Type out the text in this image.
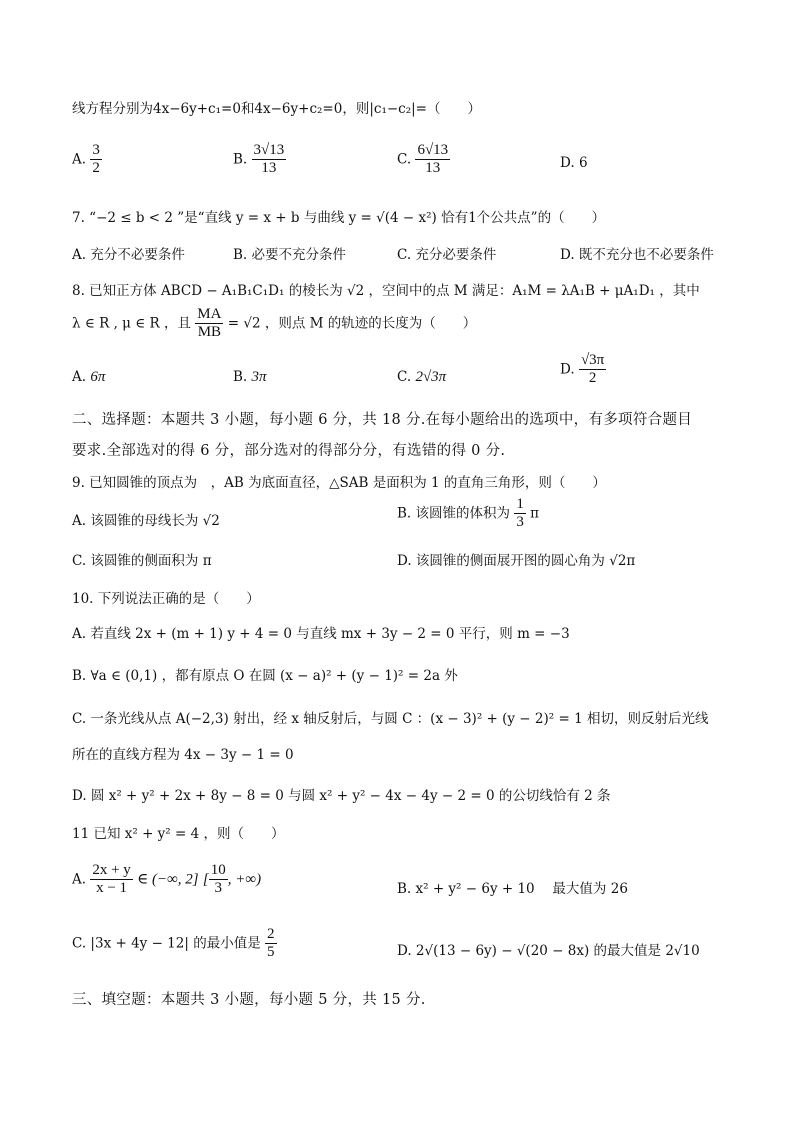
线方程分别为4x−6y+c₁=0和4x−6y+c₂=0，则|c₁−c₂|=（　　）
A. $\frac{3}{2}$	B. $\frac{3√13}{13}$	C. $\frac{6√13}{13}$	D. 6
7. “−2 ≤ b < 2 ”是“直线 y = x + b 与曲线 y = √(4 − x²) 恰有1个公共点”的（　　）
A. 充分不必要条件	B. 必要不充分条件	C. 充分必要条件	D. 既不充分也不必要条件
8. 已知正方体 ABCD − A₁B₁C₁D₁ 的棱长为 √2 ，空间中的点 M 满足：A₁M = λA₁B + μA₁D₁ ，其中
λ ∈ R , μ ∈ R ，且 $\frac{MA}{MB} = √2$ ，则点 M 的轨迹的长度为（　　）
A. 6π	B. 3π	C. 2√3π	D. $\frac{√3\pi}{2}$
二、选择题：本题共 3 小题，每小题 6 分，共 18 分.在每小题给出的选项中，有多项符合题目
要求.全部选对的得 6 分，部分选对的得部分分，有选错的得 0 分.
9. 已知圆锥的顶点为　，AB 为底面直径，△SAB 是面积为 1 的直角三角形，则（　　）
A. 该圆锥的母线长为 √2	B. 该圆锥的体积为 $\frac{1}{3}$ π
C. 该圆锥的侧面积为 π	D. 该圆锥的侧面展开图的圆心角为 √2π
10. 下列说法正确的是（　　）
A. 若直线 2x + (m + 1) y + 4 = 0 与直线 mx + 3y − 2 = 0 平行，则 m = −3
B. ∀a ∈ (0,1) ，都有原点 O 在圆 (x − a)² + (y − 1)² = 2a 外
C. 一条光线从点 A(−2,3) 射出，经 x 轴反射后，与圆 C ：(x − 3)² + (y − 2)² = 1 相切，则反射后光线
所在的直线方程为 4x − 3y − 1 = 0
D. 圆 x² + y² + 2x + 8y − 8 = 0 与圆 x² + y² − 4x − 4y − 2 = 0 的公切线恰有 2 条
11 已知 x² + y² = 4 ，则（　　）
A. $\frac{2x + y}{x - 1}$ ∈ (−∞, 2] [ $\frac{10}{3}$ , +∞)
B. x² + y² − 6y + 10　 最大值为 26
C. |3x + 4y − 12| 的最小值是 $\frac{2}{5}$	D. 2√(13 − 6y) − √(20 − 8x) 的最大值是 2√10
三、填空题：本题共 3 小题，每小题 5 分，共 15 分.
